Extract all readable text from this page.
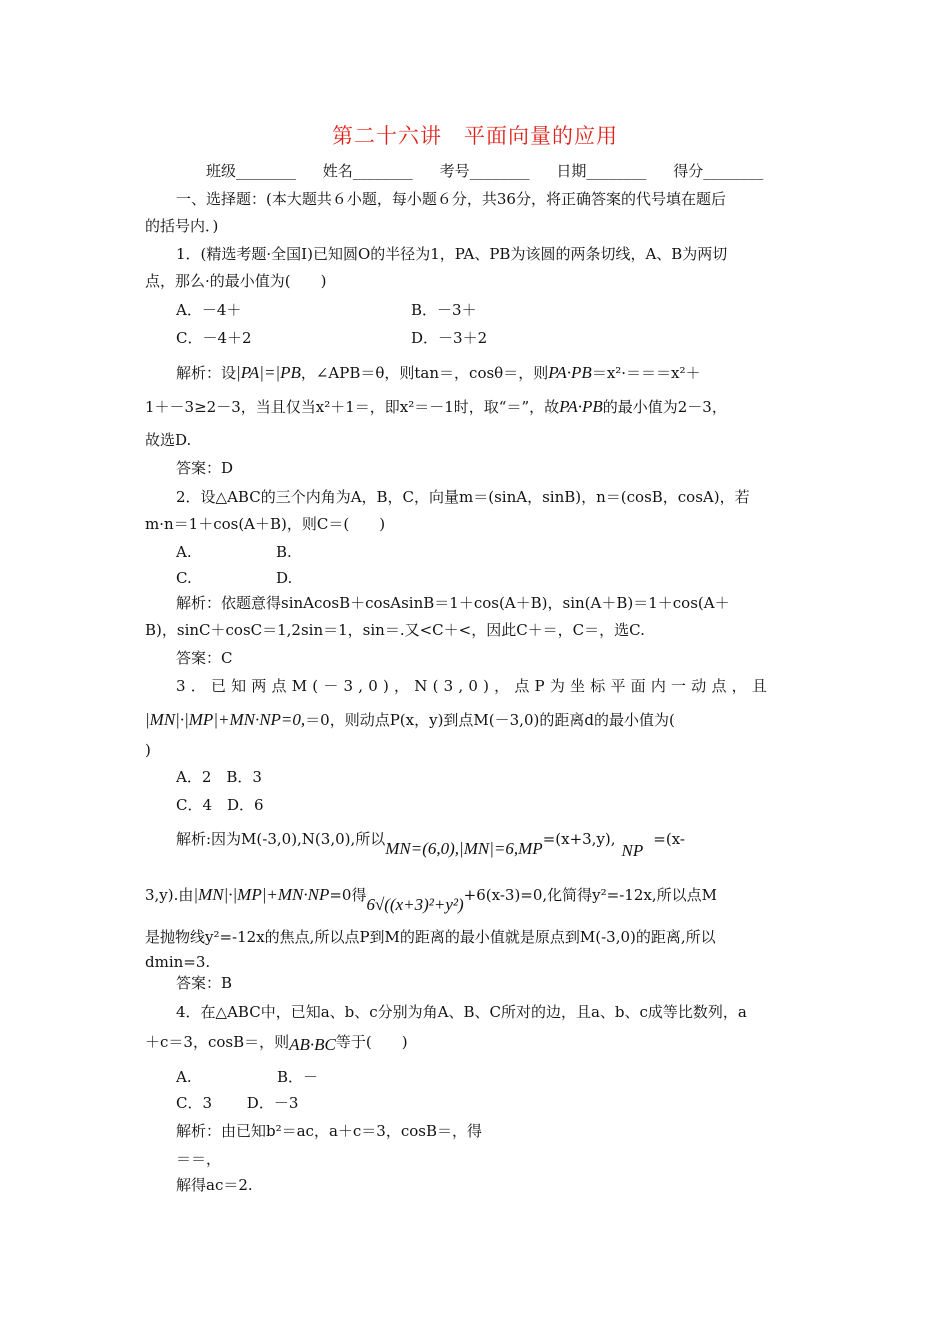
第二十六讲　平面向量的应用
班级________ 姓名________ 考号________ 日期________ 得分________
一、选择题：(本大题共６小题，每小题６分，共36分，将正确答案的代号填在题后
的括号内．)
1．(精选考题·全国Ⅰ)已知圆O的半径为1，PA、PB为该圆的两条切线，A、B为两切
点，那么·的最小值为(　　)
A．－4＋	B．－3＋
C．－4＋2	D．－3＋2
解析：设|PA|=|PB，∠APB＝θ，则tan＝，cosθ＝，则PA·PB＝x²·＝＝＝x²＋
1＋－3≥2－3，当且仅当x²＋1＝，即x²＝－1时，取“＝”，故PA·PB的最小值为2－3，
故选D.
答案：D
2．设△ABC的三个内角为A，B，C，向量m＝(sinA，sinB)，n＝(cosB，cosA)，若
m·n＝1＋cos(A＋B)，则C＝(　　)
A.	B.
C.	D.
解析：依题意得sinAcosB＋cosAsinB＝1＋cos(A＋B)，sin(A＋B)＝1＋cos(A＋
B)，sinC＋cosC＝1,2sin＝1，sin＝.又<C＋<，因此C＋＝，C＝，选C.
答案：C
3．已知两点M(－3,0)，N(3,0)，点P为坐标平面内一动点，且
|MN|·|MP|+MN·NP=0,＝0，则动点P(x，y)到点M(－3,0)的距离d的最小值为(
)
A．2　B．3
C．4　D．6
解析:因为M(-3,0),N(3,0),所以MN=(6,0),|MN|=6,MP=(x+3,y),NP=(x-
3,y).由|MN|·|MP|+MN·NP=0得6√((x+3)²+y²)+6(x-3)=0,化简得y²=-12x,所以点M
是抛物线y²=-12x的焦点,所以点P到M的距离的最小值就是原点到M(-3,0)的距离,所以
dmin=3.
答案：B
4．在△ABC中，已知a、b、c分别为角A、B、C所对的边，且a、b、c成等比数列，a
＋c＝3，cosB＝，则AB·BC等于(　　)
A.	B．－
C．3　　 D．－3
解析：由已知b²＝ac，a＋c＝3，cosB＝，得
＝＝，
解得ac＝2.
